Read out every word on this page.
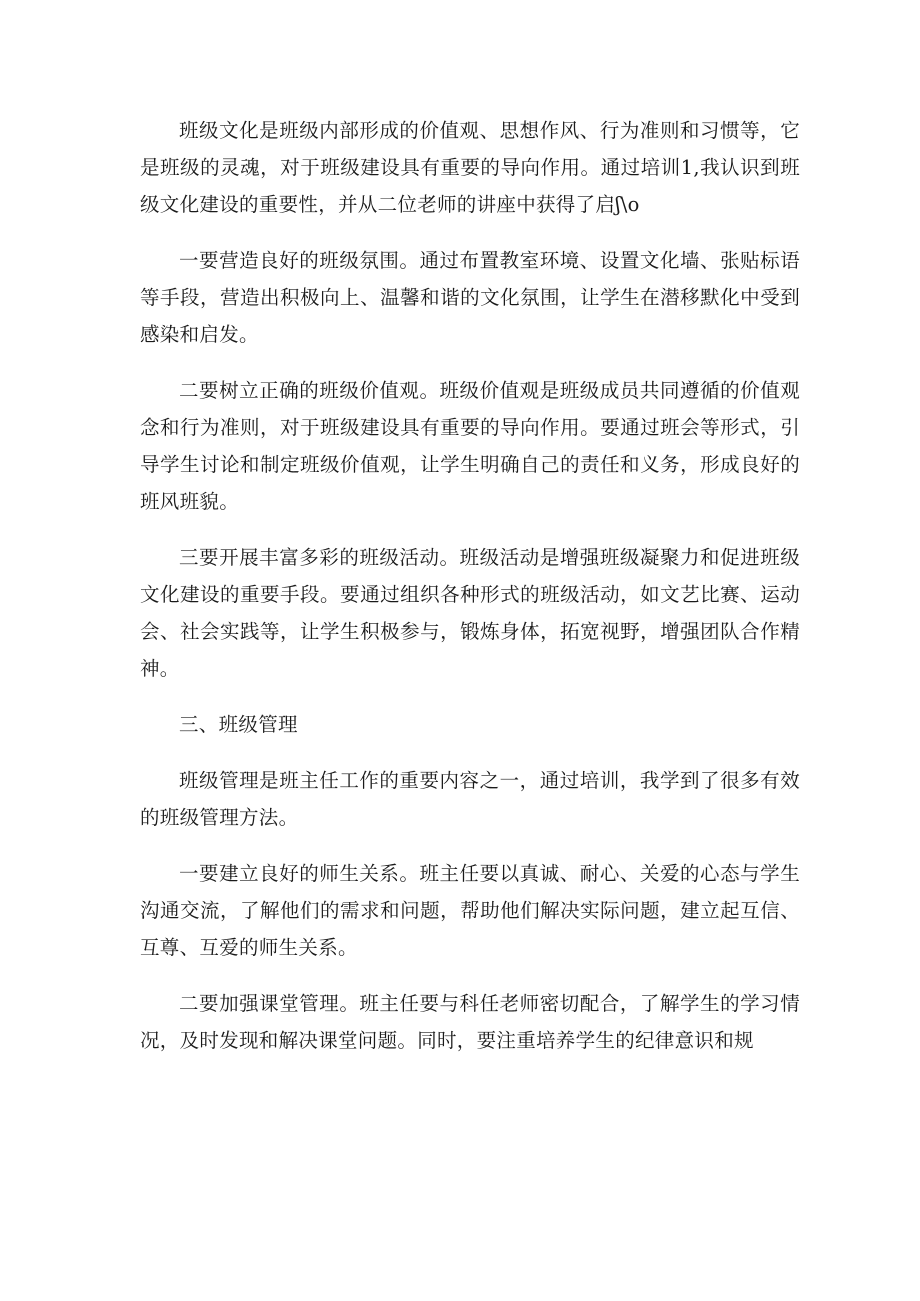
班级文化是班级内部形成的价值观、思想作风、行为准则和习惯等，它是班级的灵魂，对于班级建设具有重要的导向作用。通过培训1,我认识到班级文化建设的重要性，并从二位老师的讲座中获得了启ʃ\o

一要营造良好的班级氛围。通过布置教室环境、设置文化墙、张贴标语等手段，营造出积极向上、温馨和谐的文化氛围，让学生在潜移默化中受到感染和启发。

二要树立正确的班级价值观。班级价值观是班级成员共同遵循的价值观念和行为准则，对于班级建设具有重要的导向作用。要通过班会等形式，引导学生讨论和制定班级价值观，让学生明确自己的责任和义务，形成良好的班风班貌。

三要开展丰富多彩的班级活动。班级活动是增强班级凝聚力和促进班级文化建设的重要手段。要通过组织各种形式的班级活动，如文艺比赛、运动会、社会实践等，让学生积极参与，锻炼身体，拓宽视野，增强团队合作精神。

三、班级管理

班级管理是班主任工作的重要内容之一，通过培训，我学到了很多有效的班级管理方法。

一要建立良好的师生关系。班主任要以真诚、耐心、关爱的心态与学生沟通交流，了解他们的需求和问题，帮助他们解决实际问题，建立起互信、互尊、互爱的师生关系。

二要加强课堂管理。班主任要与科任老师密切配合，了解学生的学习情况，及时发现和解决课堂问题。同时，要注重培养学生的纪律意识和规
